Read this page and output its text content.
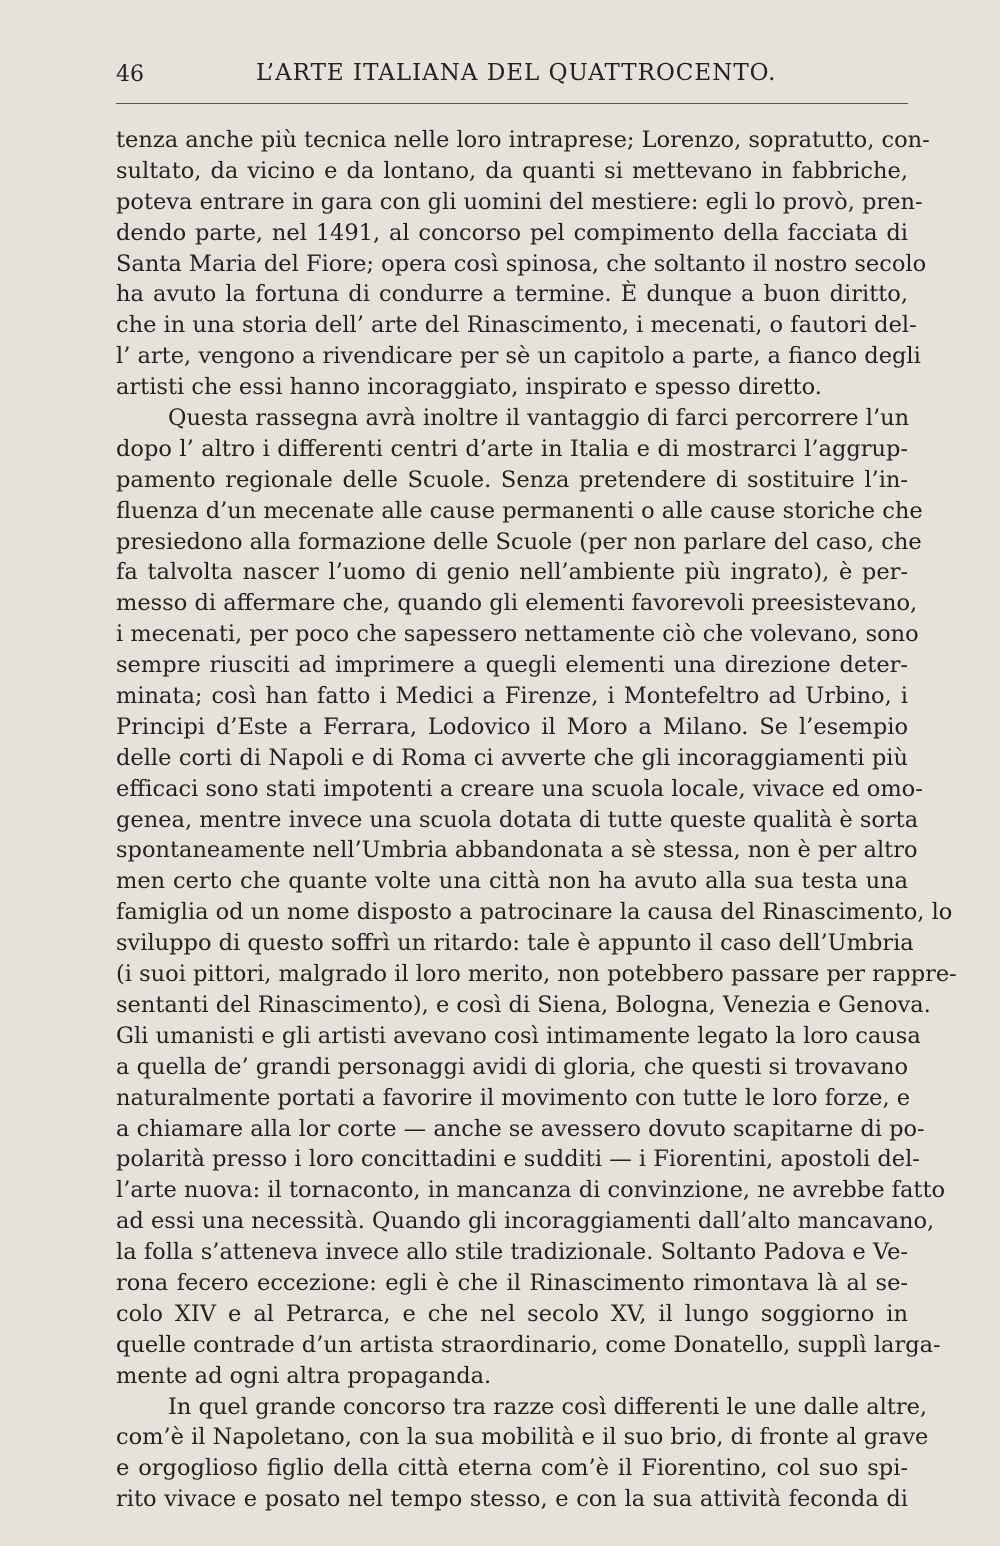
46	L’ARTE ITALIANA DEL QUATTROCENTO.
tenza anche più tecnica nelle loro intraprese; Lorenzo, sopratutto, con-
sultato, da vicino e da lontano, da quanti si mettevano in fabbriche,
poteva entrare in gara con gli uomini del mestiere: egli lo provò, pren-
dendo parte, nel 1491, al concorso pel compimento della facciata di
Santa Maria del Fiore; opera così spinosa, che soltanto il nostro secolo
ha avuto la fortuna di condurre a termine. È dunque a buon diritto,
che in una storia dell’ arte del Rinascimento, i mecenati, o fautori del-
l’ arte, vengono a rivendicare per sè un capitolo a parte, a fianco degli
artisti che essi hanno incoraggiato, inspirato e spesso diretto.
Questa rassegna avrà inoltre il vantaggio di farci percorrere l’un
dopo l’ altro i differenti centri d’arte in Italia e di mostrarci l’aggrup-
pamento regionale delle Scuole. Senza pretendere di sostituire l’in-
fluenza d’un mecenate alle cause permanenti o alle cause storiche che
presiedono alla formazione delle Scuole (per non parlare del caso, che
fa talvolta nascer l’uomo di genio nell’ambiente più ingrato), è per-
messo di affermare che, quando gli elementi favorevoli preesistevano,
i mecenati, per poco che sapessero nettamente ciò che volevano, sono
sempre riusciti ad imprimere a quegli elementi una direzione deter-
minata; così han fatto i Medici a Firenze, i Montefeltro ad Urbino, i
Principi d’Este a Ferrara, Lodovico il Moro a Milano. Se l’esempio
delle corti di Napoli e di Roma ci avverte che gli incoraggiamenti più
efficaci sono stati impotenti a creare una scuola locale, vivace ed omo-
genea, mentre invece una scuola dotata di tutte queste qualità è sorta
spontaneamente nell’Umbria abbandonata a sè stessa, non è per altro
men certo che quante volte una città non ha avuto alla sua testa una
famiglia od un nome disposto a patrocinare la causa del Rinascimento, lo
sviluppo di questo soffrì un ritardo: tale è appunto il caso dell’Umbria
(i suoi pittori, malgrado il loro merito, non potebbero passare per rappre-
sentanti del Rinascimento), e così di Siena, Bologna, Venezia e Genova.
Gli umanisti e gli artisti avevano così intimamente legato la loro causa
a quella de’ grandi personaggi avidi di gloria, che questi si trovavano
naturalmente portati a favorire il movimento con tutte le loro forze, e
a chiamare alla lor corte — anche se avessero dovuto scapitarne di po-
polarità presso i loro concittadini e sudditi — i Fiorentini, apostoli del-
l’arte nuova: il tornaconto, in mancanza di convinzione, ne avrebbe fatto
ad essi una necessità. Quando gli incoraggiamenti dall’alto mancavano,
la folla s’atteneva invece allo stile tradizionale. Soltanto Padova e Ve-
rona fecero eccezione: egli è che il Rinascimento rimontava là al se-
colo XIV e al Petrarca, e che nel secolo XV, il lungo soggiorno in
quelle contrade d’un artista straordinario, come Donatello, supplì larga-
mente ad ogni altra propaganda.
In quel grande concorso tra razze così differenti le une dalle altre,
com’è il Napoletano, con la sua mobilità e il suo brio, di fronte al grave
e orgoglioso figlio della città eterna com’è il Fiorentino, col suo spi-
rito vivace e posato nel tempo stesso, e con la sua attività feconda di
